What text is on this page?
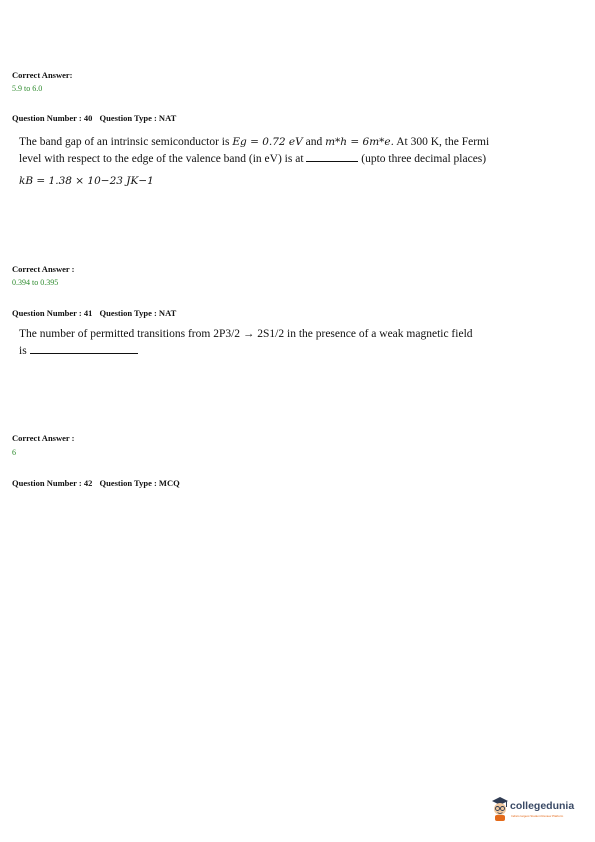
Correct Answer:
5.9 to 6.0
Question Number : 40 Question Type : NAT
The band gap of an intrinsic semiconductor is Eg = 0.72 eV and m*h = 6m*e. At 300 K, the Fermi
level with respect to the edge of the valence band (in eV) is at	(upto three decimal places)
kB = 1.38 × 10−23 JK−1
Correct Answer :
0.394 to 0.395
Question Number : 41 Question Type : NAT
The number of permitted transitions from 2P3/2 → 2S1/2 in the presence of a weak magnetic field
is
Correct Answer :
6
Question Number : 42 Question Type : MCQ
collegedunia
India's largest Student Review Platform
